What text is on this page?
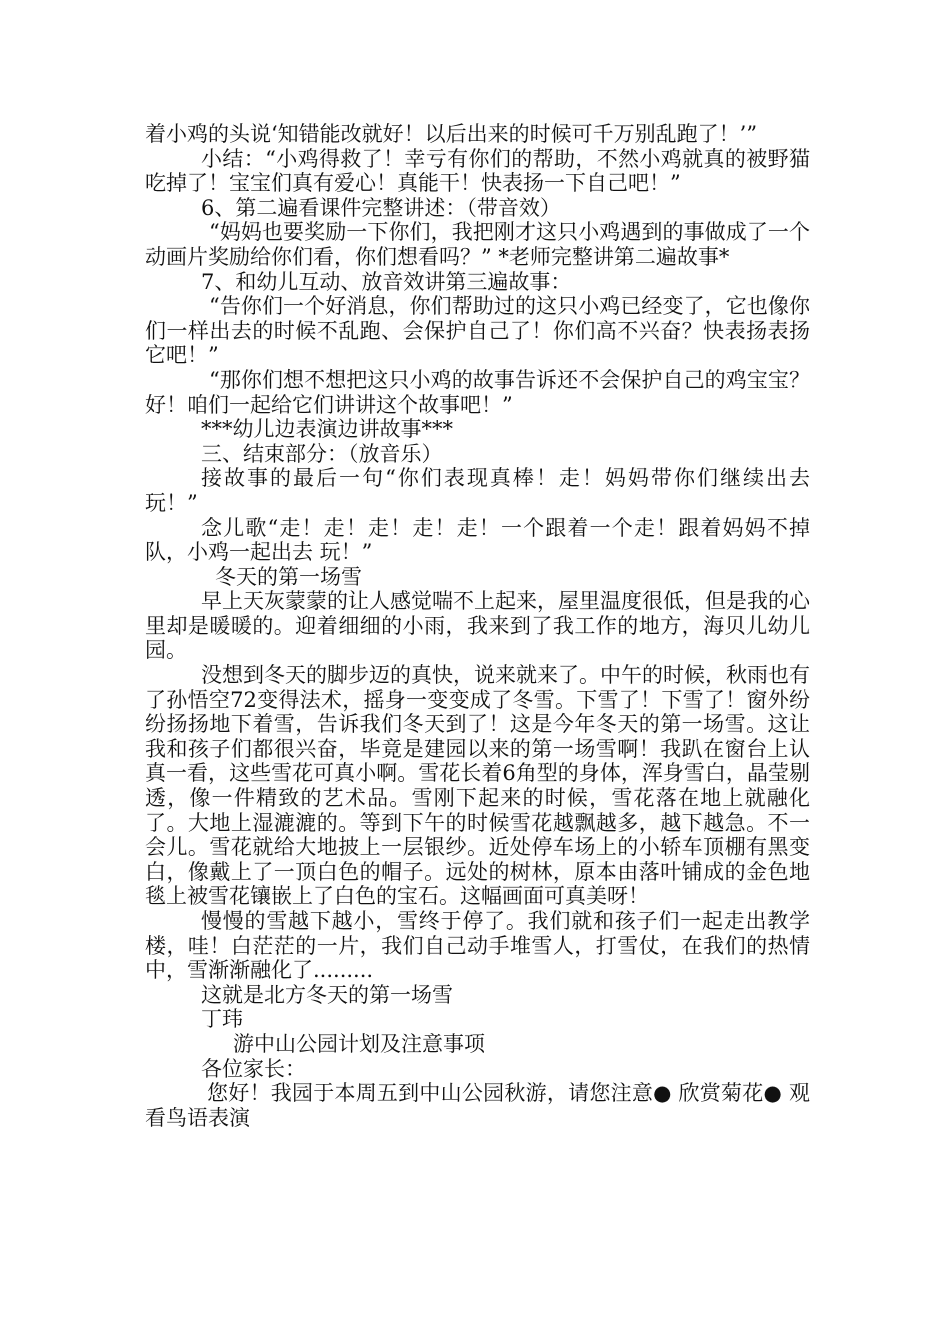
着小鸡的头说‘知错能改就好！以后出来的时候可千万别乱跑了！’”

小结：“小鸡得救了！幸亏有你们的帮助，不然小鸡就真的被野猫吃掉了！宝宝们真有爱心！真能干！快表扬一下自己吧！”

6、第二遍看课件完整讲述：（带音效）

“妈妈也要奖励一下你们，我把刚才这只小鸡遇到的事做成了一个动画片奖励给你们看，你们想看吗？” *老师完整讲第二遍故事*

7、和幼儿互动、放音效讲第三遍故事：

“告你们一个好消息，你们帮助过的这只小鸡已经变了，它也像你们一样出去的时候不乱跑、会保护自己了！你们高不兴奋？快表扬表扬它吧！”

“那你们想不想把这只小鸡的故事告诉还不会保护自己的鸡宝宝？好！咱们一起给它们讲讲这个故事吧！”

***幼儿边表演边讲故事***

三、结束部分：（放音乐）

接故事的最后一句“你们表现真棒！走！妈妈带你们继续出去玩！”

念儿歌“走！走！走！走！走！一个跟着一个走！跟着妈妈不掉队，小鸡一起出去 玩！”

冬天的第一场雪

早上天灰蒙蒙的让人感觉喘不上起来，屋里温度很低，但是我的心里却是暖暖的。迎着细细的小雨，我来到了我工作的地方，海贝儿幼儿园。

没想到冬天的脚步迈的真快，说来就来了。中午的时候，秋雨也有了孙悟空72变得法术，摇身一变变成了冬雪。下雪了！下雪了！窗外纷纷扬扬地下着雪，告诉我们冬天到了！这是今年冬天的第一场雪。这让我和孩子们都很兴奋，毕竟是建园以来的第一场雪啊！我趴在窗台上认真一看，这些雪花可真小啊。雪花长着6角型的身体，浑身雪白，晶莹剔透，像一件精致的艺术品。雪刚下起来的时候，雪花落在地上就融化了。大地上湿漉漉的。等到下午的时候雪花越飘越多，越下越急。不一会儿。雪花就给大地披上一层银纱。近处停车场上的小轿车顶棚有黑变白，像戴上了一顶白色的帽子。远处的树林，原本由落叶铺成的金色地毯上被雪花镶嵌上了白色的宝石。这幅画面可真美呀！

慢慢的雪越下越小，雪终于停了。我们就和孩子们一起走出教学楼，哇！白茫茫的一片，我们自己动手堆雪人，打雪仗，在我们的热情中，雪渐渐融化了.........

这就是北方冬天的第一场雪

丁玮

游中山公园计划及注意事项

各位家长：

您好！我园于本周五到中山公园秋游，请您注意● 欣赏菊花● 观看鸟语表演
